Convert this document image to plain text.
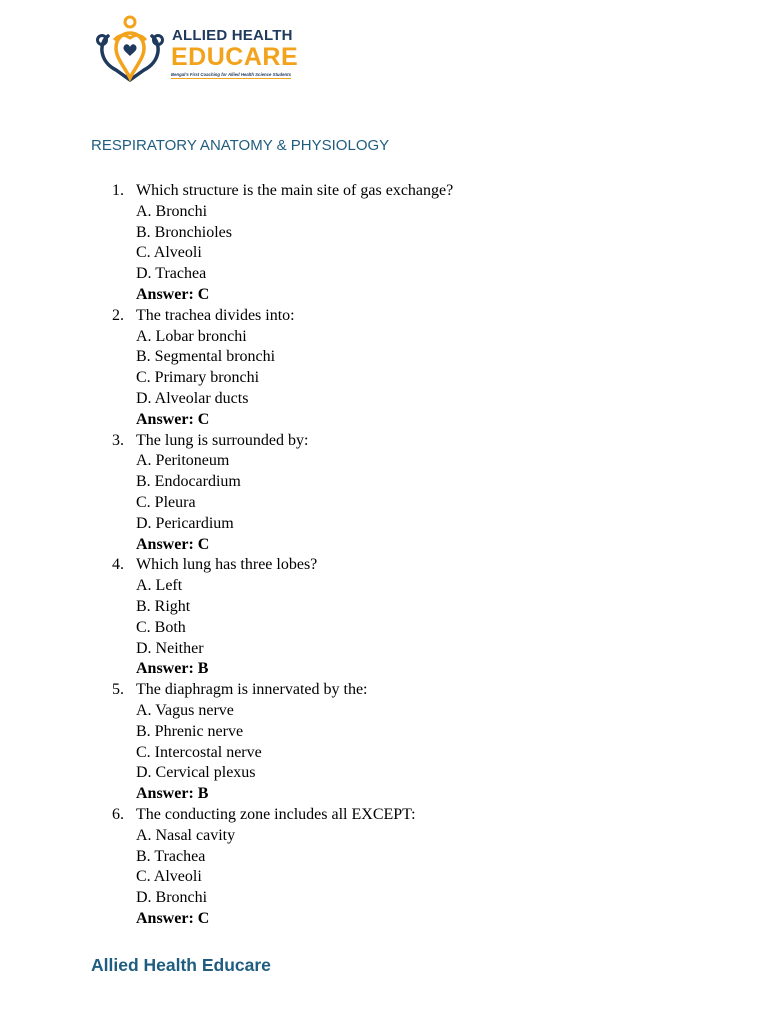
ALLIED HEALTH
EDUCARE
Bengal's First Coaching for Allied Health Science Students
RESPIRATORY ANATOMY & PHYSIOLOGY
1. Which structure is the main site of gas exchange?
A. Bronchi
B. Bronchioles
C. Alveoli
D. Trachea
Answer: C
2. The trachea divides into:
A. Lobar bronchi
B. Segmental bronchi
C. Primary bronchi
D. Alveolar ducts
Answer: C
3. The lung is surrounded by:
A. Peritoneum
B. Endocardium
C. Pleura
D. Pericardium
Answer: C
4. Which lung has three lobes?
A. Left
B. Right
C. Both
D. Neither
Answer: B
5. The diaphragm is innervated by the:
A. Vagus nerve
B. Phrenic nerve
C. Intercostal nerve
D. Cervical plexus
Answer: B
6. The conducting zone includes all EXCEPT:
A. Nasal cavity
B. Trachea
C. Alveoli
D. Bronchi
Answer: C
Allied Health Educare
